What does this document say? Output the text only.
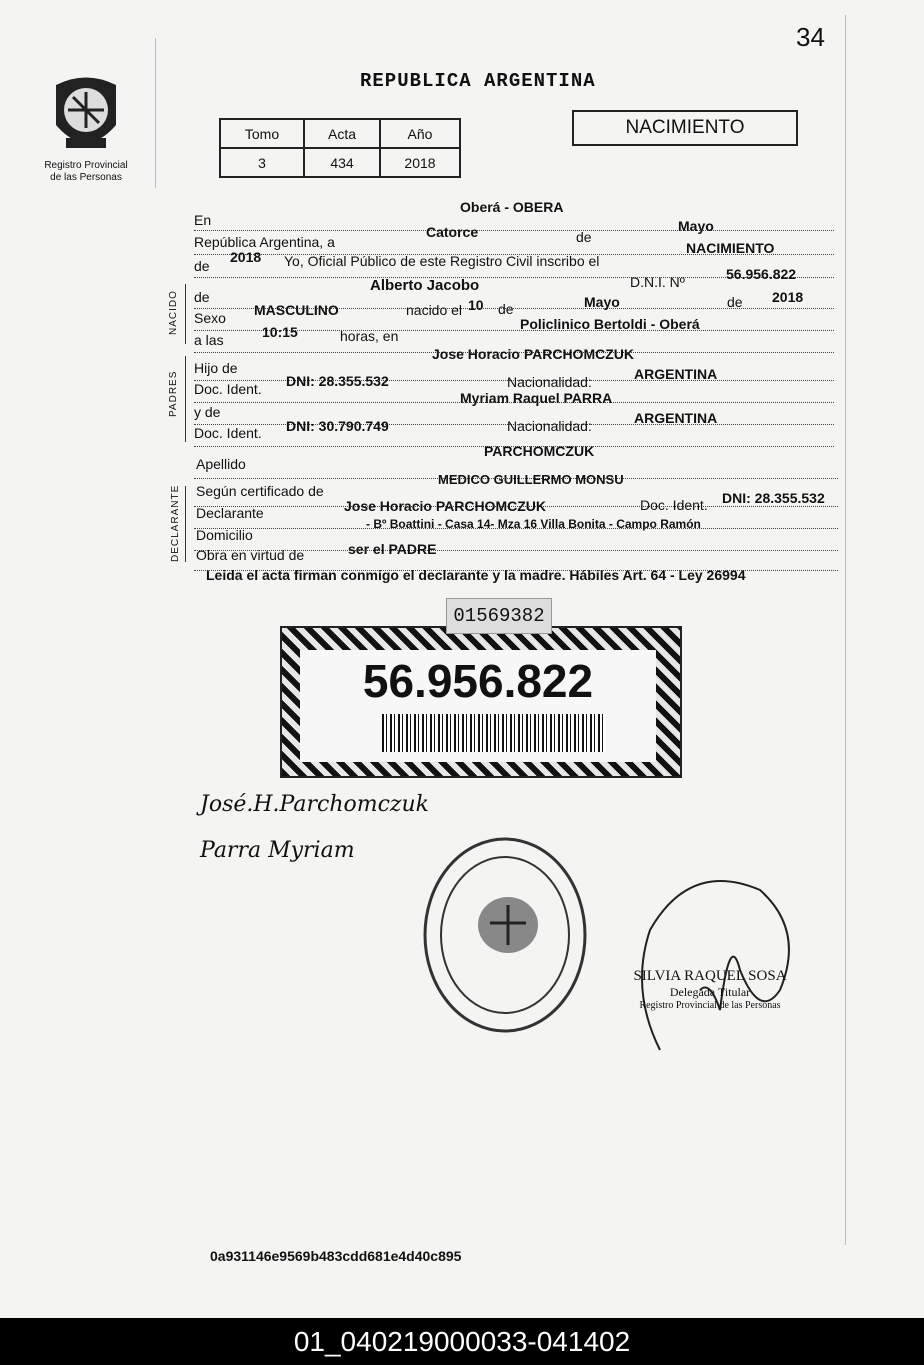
34
Registro Provincial
de las Personas
REPUBLICA ARGENTINA
Tomo	Acta	Año
3	434	2018
NACIMIENTO
En
Oberá - OBERA
República Argentina, a
Catorce	de
Mayo
de
2018 Yo, Oficial Público de este Registro Civil inscribo el
NACIMIENTO
NACIDO de
Alberto Jacobo	D.N.I. Nº	56.956.822
Sexo MASCULINO	nacido el 10 de	Mayo	de 2018
a las	10:15	horas, en
Policlinico Bertoldi - Oberá
PADRES
Hijo de
Jose Horacio PARCHOMCZUK
Doc. Ident. DNI: 28.355.532	Nacionalidad:	ARGENTINA
y de
Myriam Raquel PARRA
Doc. Ident. DNI: 30.790.749	Nacionalidad:	ARGENTINA
Apellido
PARCHOMCZUK
DECLARANTE Según certificado de
MEDICO GUILLERMO MONSU
Declarante	Jose Horacio PARCHOMCZUK	Doc. Ident. DNI: 28.355.532
Domicilio
- Bº Boattini - Casa 14- Mza 16 Villa Bonita - Campo Ramón
Obra en virtud de	ser el PADRE
Leida el acta firman conmigo el declarante y la madre. Hábiles Art. 64 - Ley 26994
01569382
56.956.822
José.H.Parchomczuk
Parra Myriam
SILVIA RAQUEL SOSA
Delegada Titular
Registro Provincial de las Personas
0a931146e9569b483cdd681e4d40c895
01_040219000033-041402
